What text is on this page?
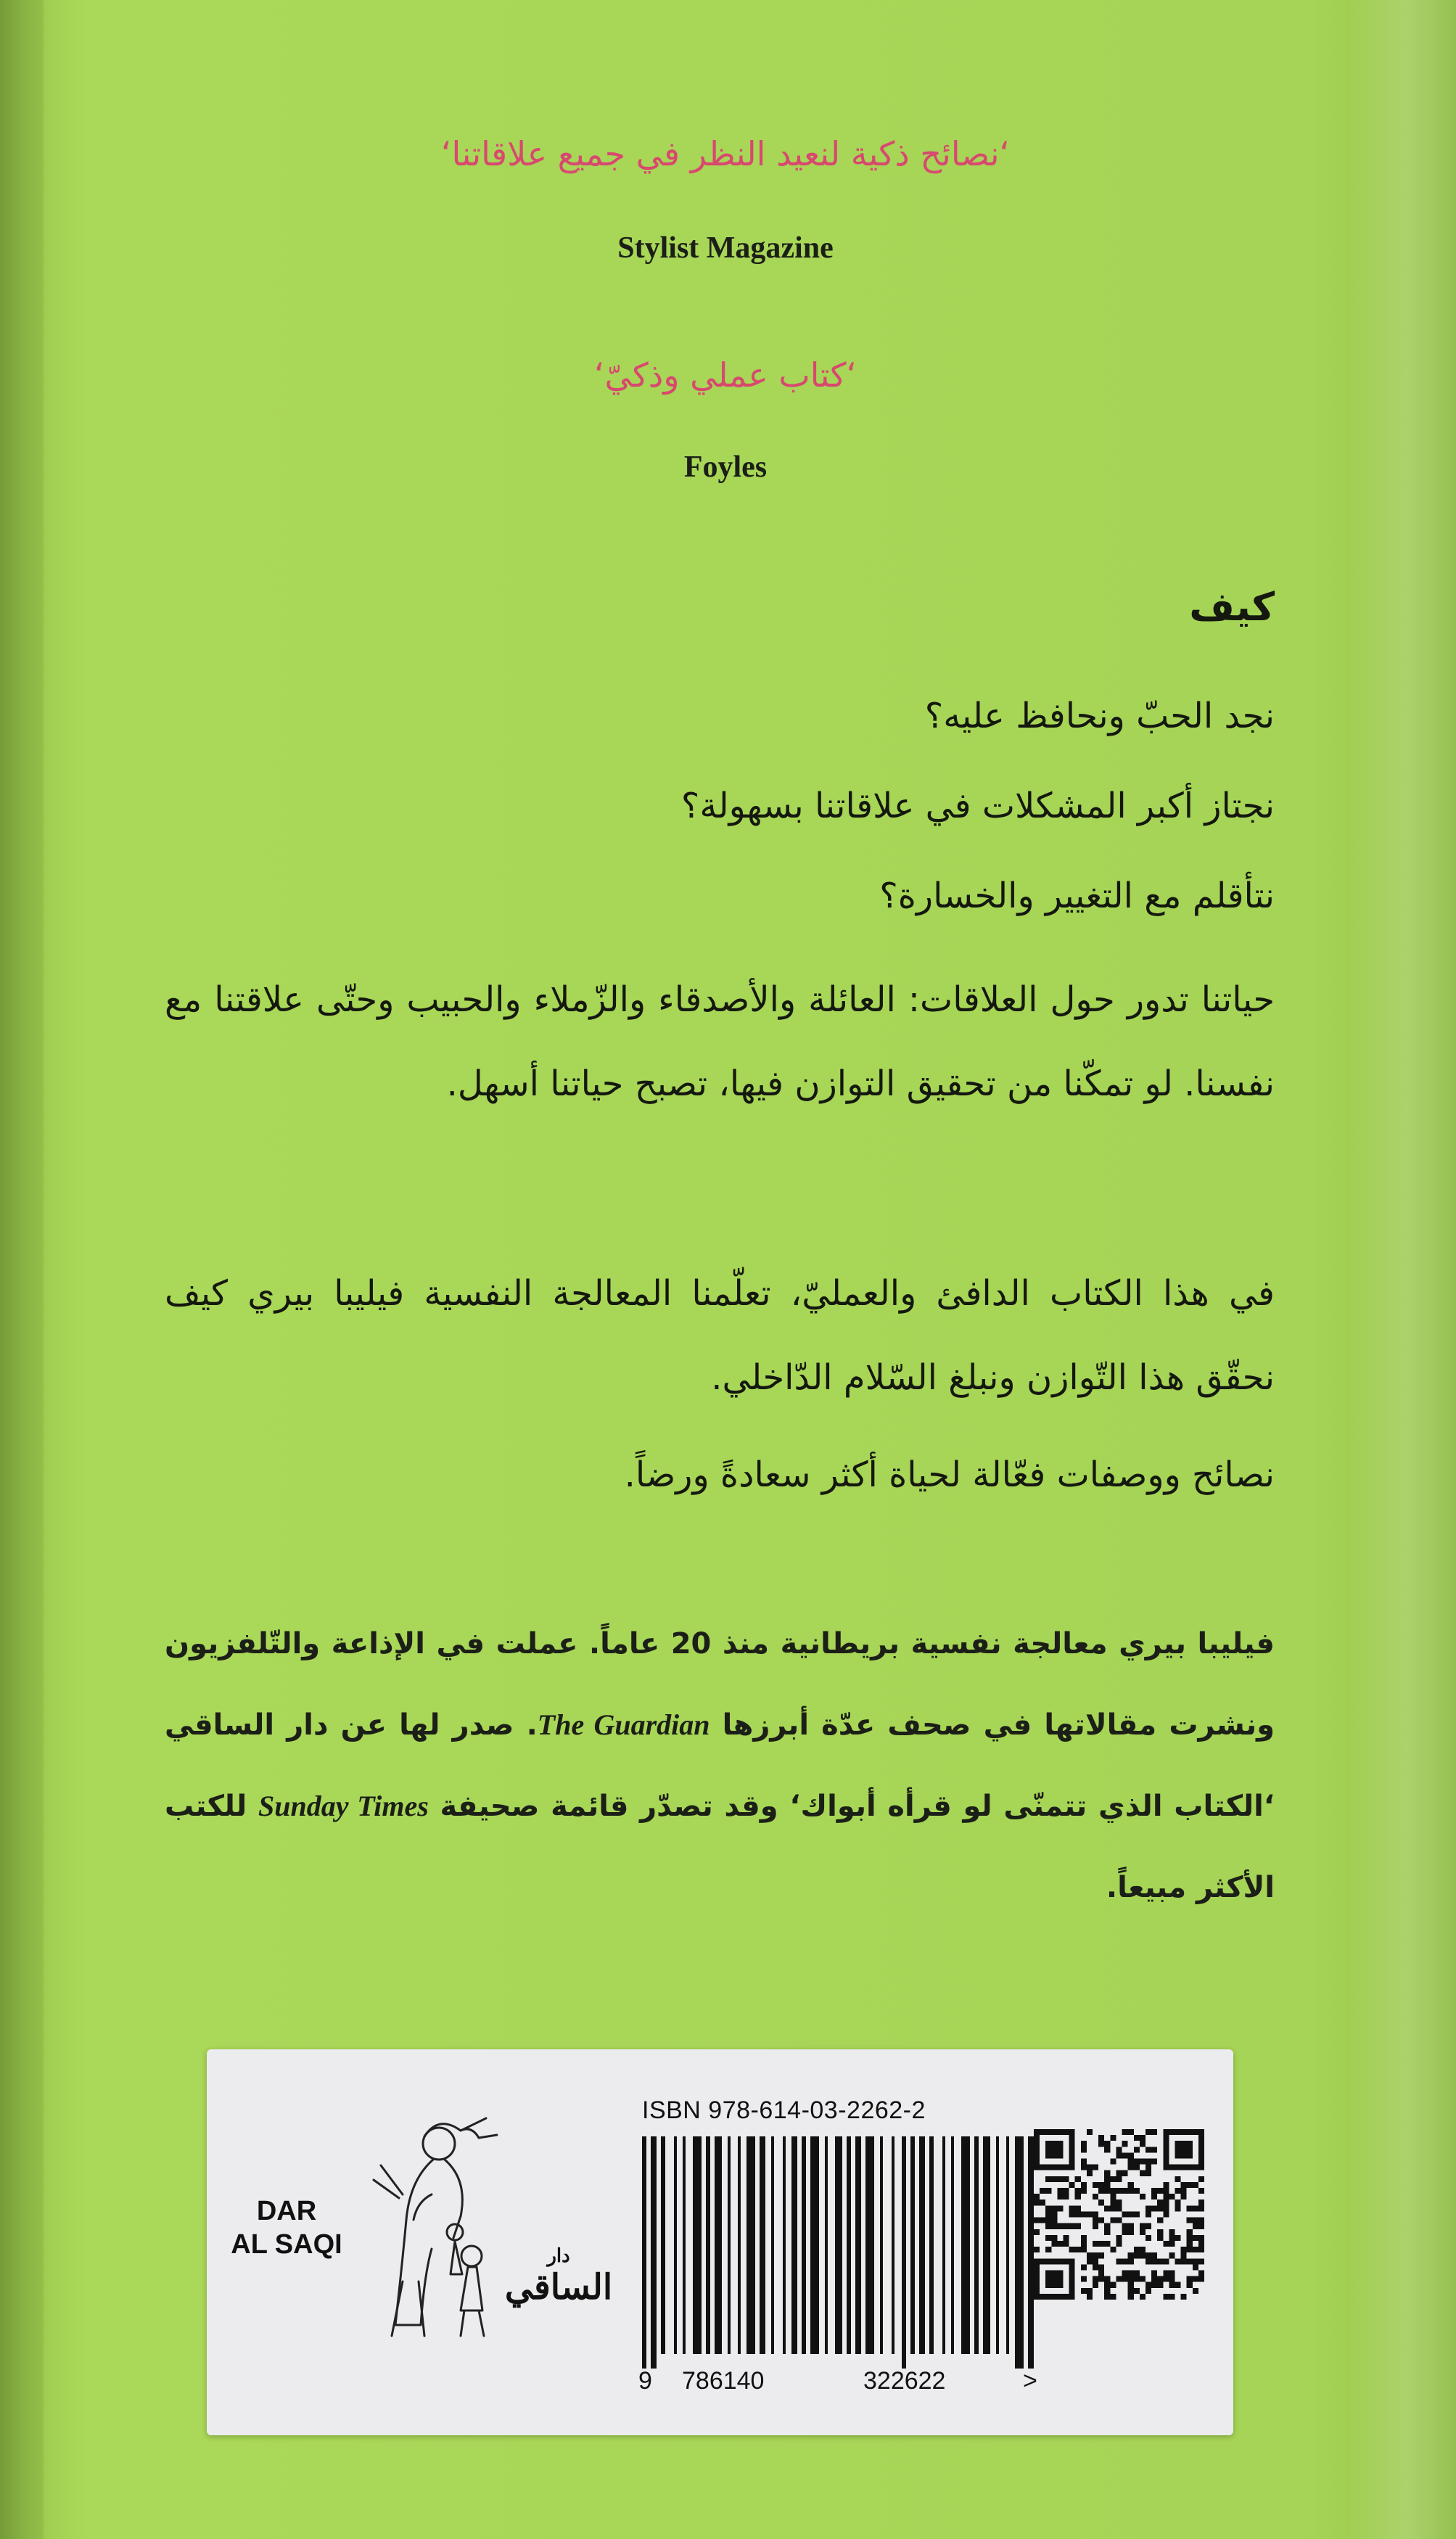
‘نصائح ذكية لنعيد النظر في جميع علاقاتنا‘
Stylist Magazine
‘كتاب عملي وذكيّ‘
Foyles
كيف
نجد الحبّ ونحافظ عليه؟
نجتاز أكبر المشكلات في علاقاتنا بسهولة؟
نتأقلم مع التغيير والخسارة؟

حياتنا تدور حول العلاقات: العائلة والأصدقاء والزّملاء والحبيب وحتّى علاقتنا مع نفسنا. لو تمكّنا من تحقيق التوازن فيها، تصبح حياتنا أسهل.

في هذا الكتاب الدافئ والعمليّ، تعلّمنا المعالجة النفسية فيليبا بيري كيف نحقّق هذا التّوازن ونبلغ السّلام الدّاخلي.

نصائح ووصفات فعّالة لحياة أكثر سعادةً ورضاً.

فيليبا بيري معالجة نفسية بريطانية منذ 20 عاماً. عملت في الإذاعة والتّلفزيون ونشرت مقالاتها في صحف عدّة أبرزها The Guardian. صدر لها عن دار الساقي ‘الكتاب الذي تتمنّى لو قرأه أبواك‘ وقد تصدّر قائمة صحيفة Sunday Times للكتب الأكثر مبيعاً.

DAR
AL SAQI	دار
الساقي
ISBN 978-614-03-2262-2
9 786140	322622	>
